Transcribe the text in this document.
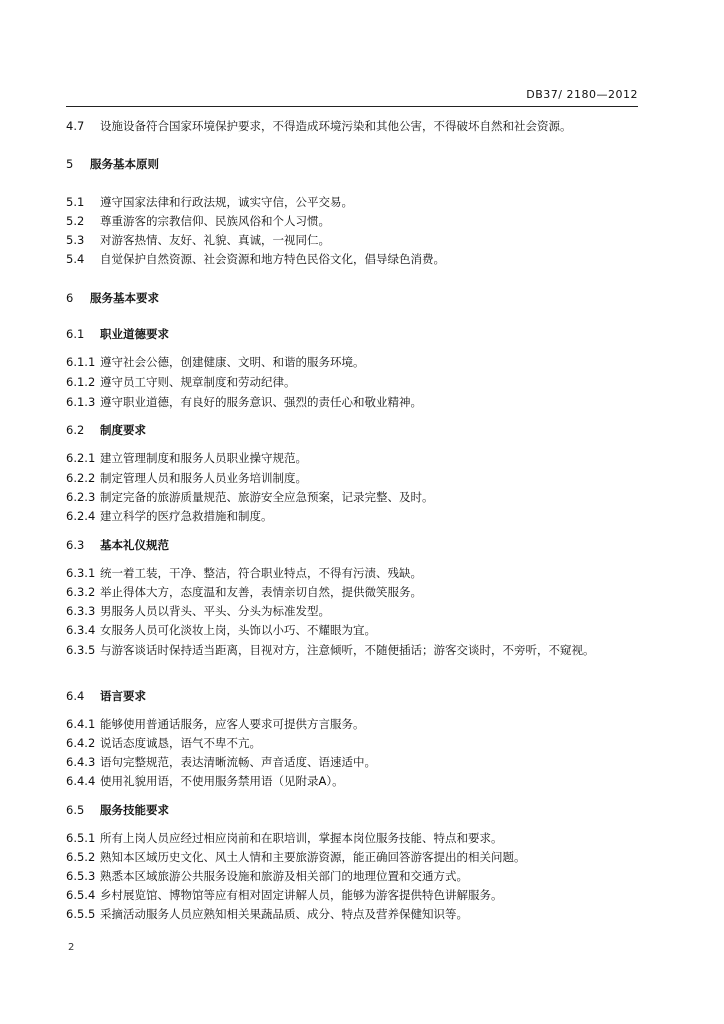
DB37/ 2180—2012
4.7 设施设备符合国家环境保护要求，不得造成环境污染和其他公害，不得破坏自然和社会资源。
5 服务基本原则
5.1 遵守国家法律和行政法规，诚实守信，公平交易。
5.2 尊重游客的宗教信仰、民族风俗和个人习惯。
5.3 对游客热情、友好、礼貌、真诚，一视同仁。
5.4 自觉保护自然资源、社会资源和地方特色民俗文化，倡导绿色消费。
6 服务基本要求
6.1 职业道德要求
6.1.1 遵守社会公德，创建健康、文明、和谐的服务环境。
6.1.2 遵守员工守则、规章制度和劳动纪律。
6.1.3 遵守职业道德，有良好的服务意识、强烈的责任心和敬业精神。
6.2 制度要求
6.2.1 建立管理制度和服务人员职业操守规范。
6.2.2 制定管理人员和服务人员业务培训制度。
6.2.3 制定完备的旅游质量规范、旅游安全应急预案，记录完整、及时。
6.2.4 建立科学的医疗急救措施和制度。
6.3 基本礼仪规范
6.3.1 统一着工装，干净、整洁，符合职业特点，不得有污渍、残缺。
6.3.2 举止得体大方，态度温和友善，表情亲切自然，提供微笑服务。
6.3.3 男服务人员以背头、平头、分头为标准发型。
6.3.4 女服务人员可化淡妆上岗，头饰以小巧、不耀眼为宜。
6.3.5 与游客谈话时保持适当距离，目视对方，注意倾听，不随便插话；游客交谈时，不旁听，不窥视。
6.4 语言要求
6.4.1 能够使用普通话服务，应客人要求可提供方言服务。
6.4.2 说话态度诚恳，语气不卑不亢。
6.4.3 语句完整规范，表达清晰流畅、声音适度、语速适中。
6.4.4 使用礼貌用语，不使用服务禁用语（见附录A）。
6.5 服务技能要求
6.5.1 所有上岗人员应经过相应岗前和在职培训，掌握本岗位服务技能、特点和要求。
6.5.2 熟知本区域历史文化、风土人情和主要旅游资源，能正确回答游客提出的相关问题。
6.5.3 熟悉本区域旅游公共服务设施和旅游及相关部门的地理位置和交通方式。
6.5.4 乡村展览馆、博物馆等应有相对固定讲解人员，能够为游客提供特色讲解服务。
6.5.5 采摘活动服务人员应熟知相关果蔬品质、成分、特点及营养保健知识等。
2
